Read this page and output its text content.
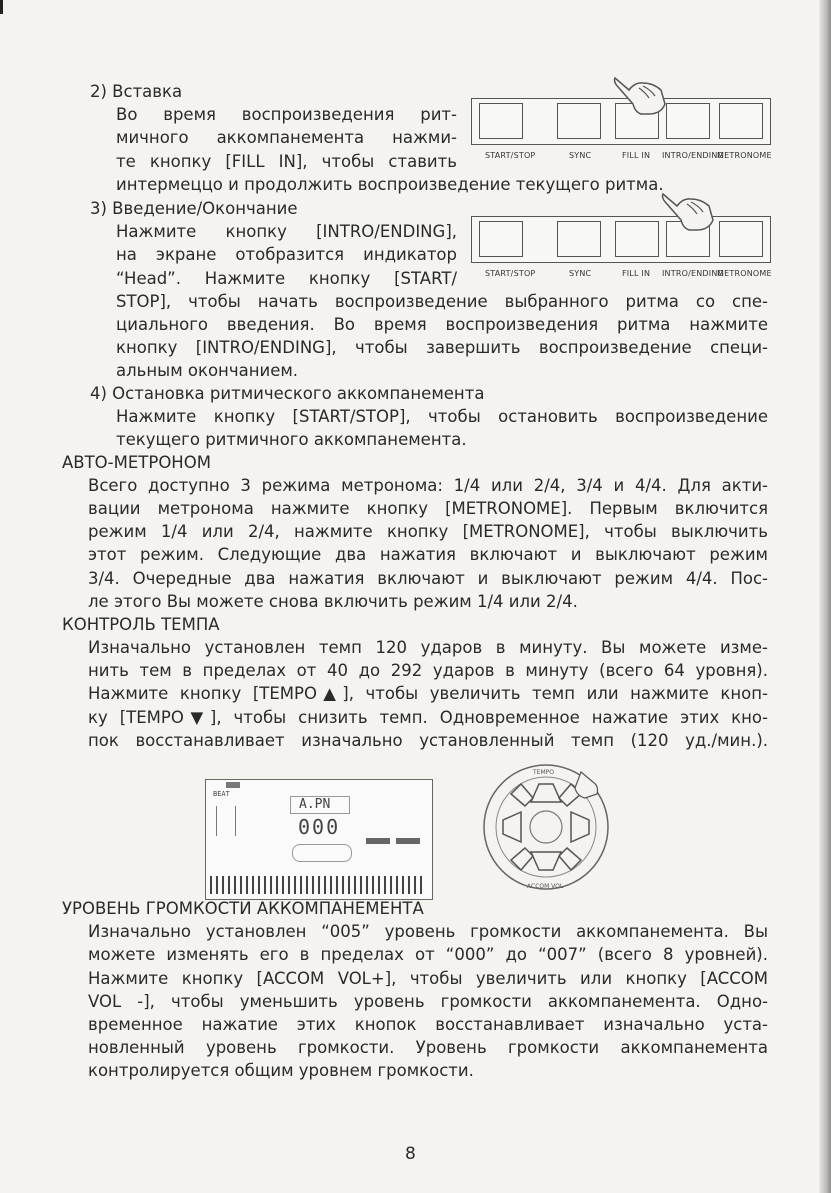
2) Вставка
Во время воспроизведения рит-
мичного аккомпанемента нажми-
те кнопку [FILL IN], чтобы ставить
интермеццо и продолжить воспроизведение текущего ритма.
START/STOP	SYNC	FILL IN INTRO/ENDING
METRONOME
3) Введение/Окончание
Нажмите кнопку [INTRO/ENDING],
на экране отобразится индикатор
“Head”. Нажмите кнопку [START/
STOP], чтобы начать воспроизведение выбранного ритма со спе-
циального введения. Во время воспроизведения ритма нажмите
кнопку [INTRO/ENDING], чтобы завершить воспроизведение специ-
альным окончанием.
START/STOP	SYNC	FILL IN INTRO/ENDING
METRONOME
4) Остановка ритмического аккомпанемента
Нажмите кнопку [START/STOP], чтобы остановить воспроизведение
текущего ритмичного аккомпанемента.
АВТО-МЕТРОНОМ
Всего доступно 3 режима метронома: 1/4 или 2/4, 3/4 и 4/4. Для акти-
вации метронома нажмите кнопку [METRONOME]. Первым включится
режим 1/4 или 2/4, нажмите кнопку [METRONOME], чтобы выключить
этот режим. Следующие два нажатия включают и выключают режим
3/4. Очередные два нажатия включают и выключают режим 4/4. Пос-
ле этого Вы можете снова включить режим 1/4 или 2/4.
КОНТРОЛЬ ТЕМПА
Изначально установлен темп 120 ударов в минуту. Вы можете изме-
нить тем в пределах от 40 до 292 ударов в минуту (всего 64 уровня).
Нажмите кнопку [TEMPO▲], чтобы увеличить темп или нажмите кноп-
ку [TEMPO▼], чтобы снизить темп. Одновременное нажатие этих кно-
пок восстанавливает изначально установленный темп (120 уд./мин.).
BEAT
A.PN
000
TEMPO
ACCOM VOL
УРОВЕНЬ ГРОМКОСТИ АККОМПАНЕМЕНТА
Изначально установлен “005” уровень громкости аккомпанемента. Вы
можете изменять его в пределах от “000” до “007” (всего 8 уровней).
Нажмите кнопку [ACCOM VOL+], чтобы увеличить или кнопку [ACCOM
VOL -], чтобы уменьшить уровень громкости аккомпанемента. Одно-
временное нажатие этих кнопок восстанавливает изначально уста-
новленный уровень громкости. Уровень громкости аккомпанемента
контролируется общим уровнем громкости.
8
